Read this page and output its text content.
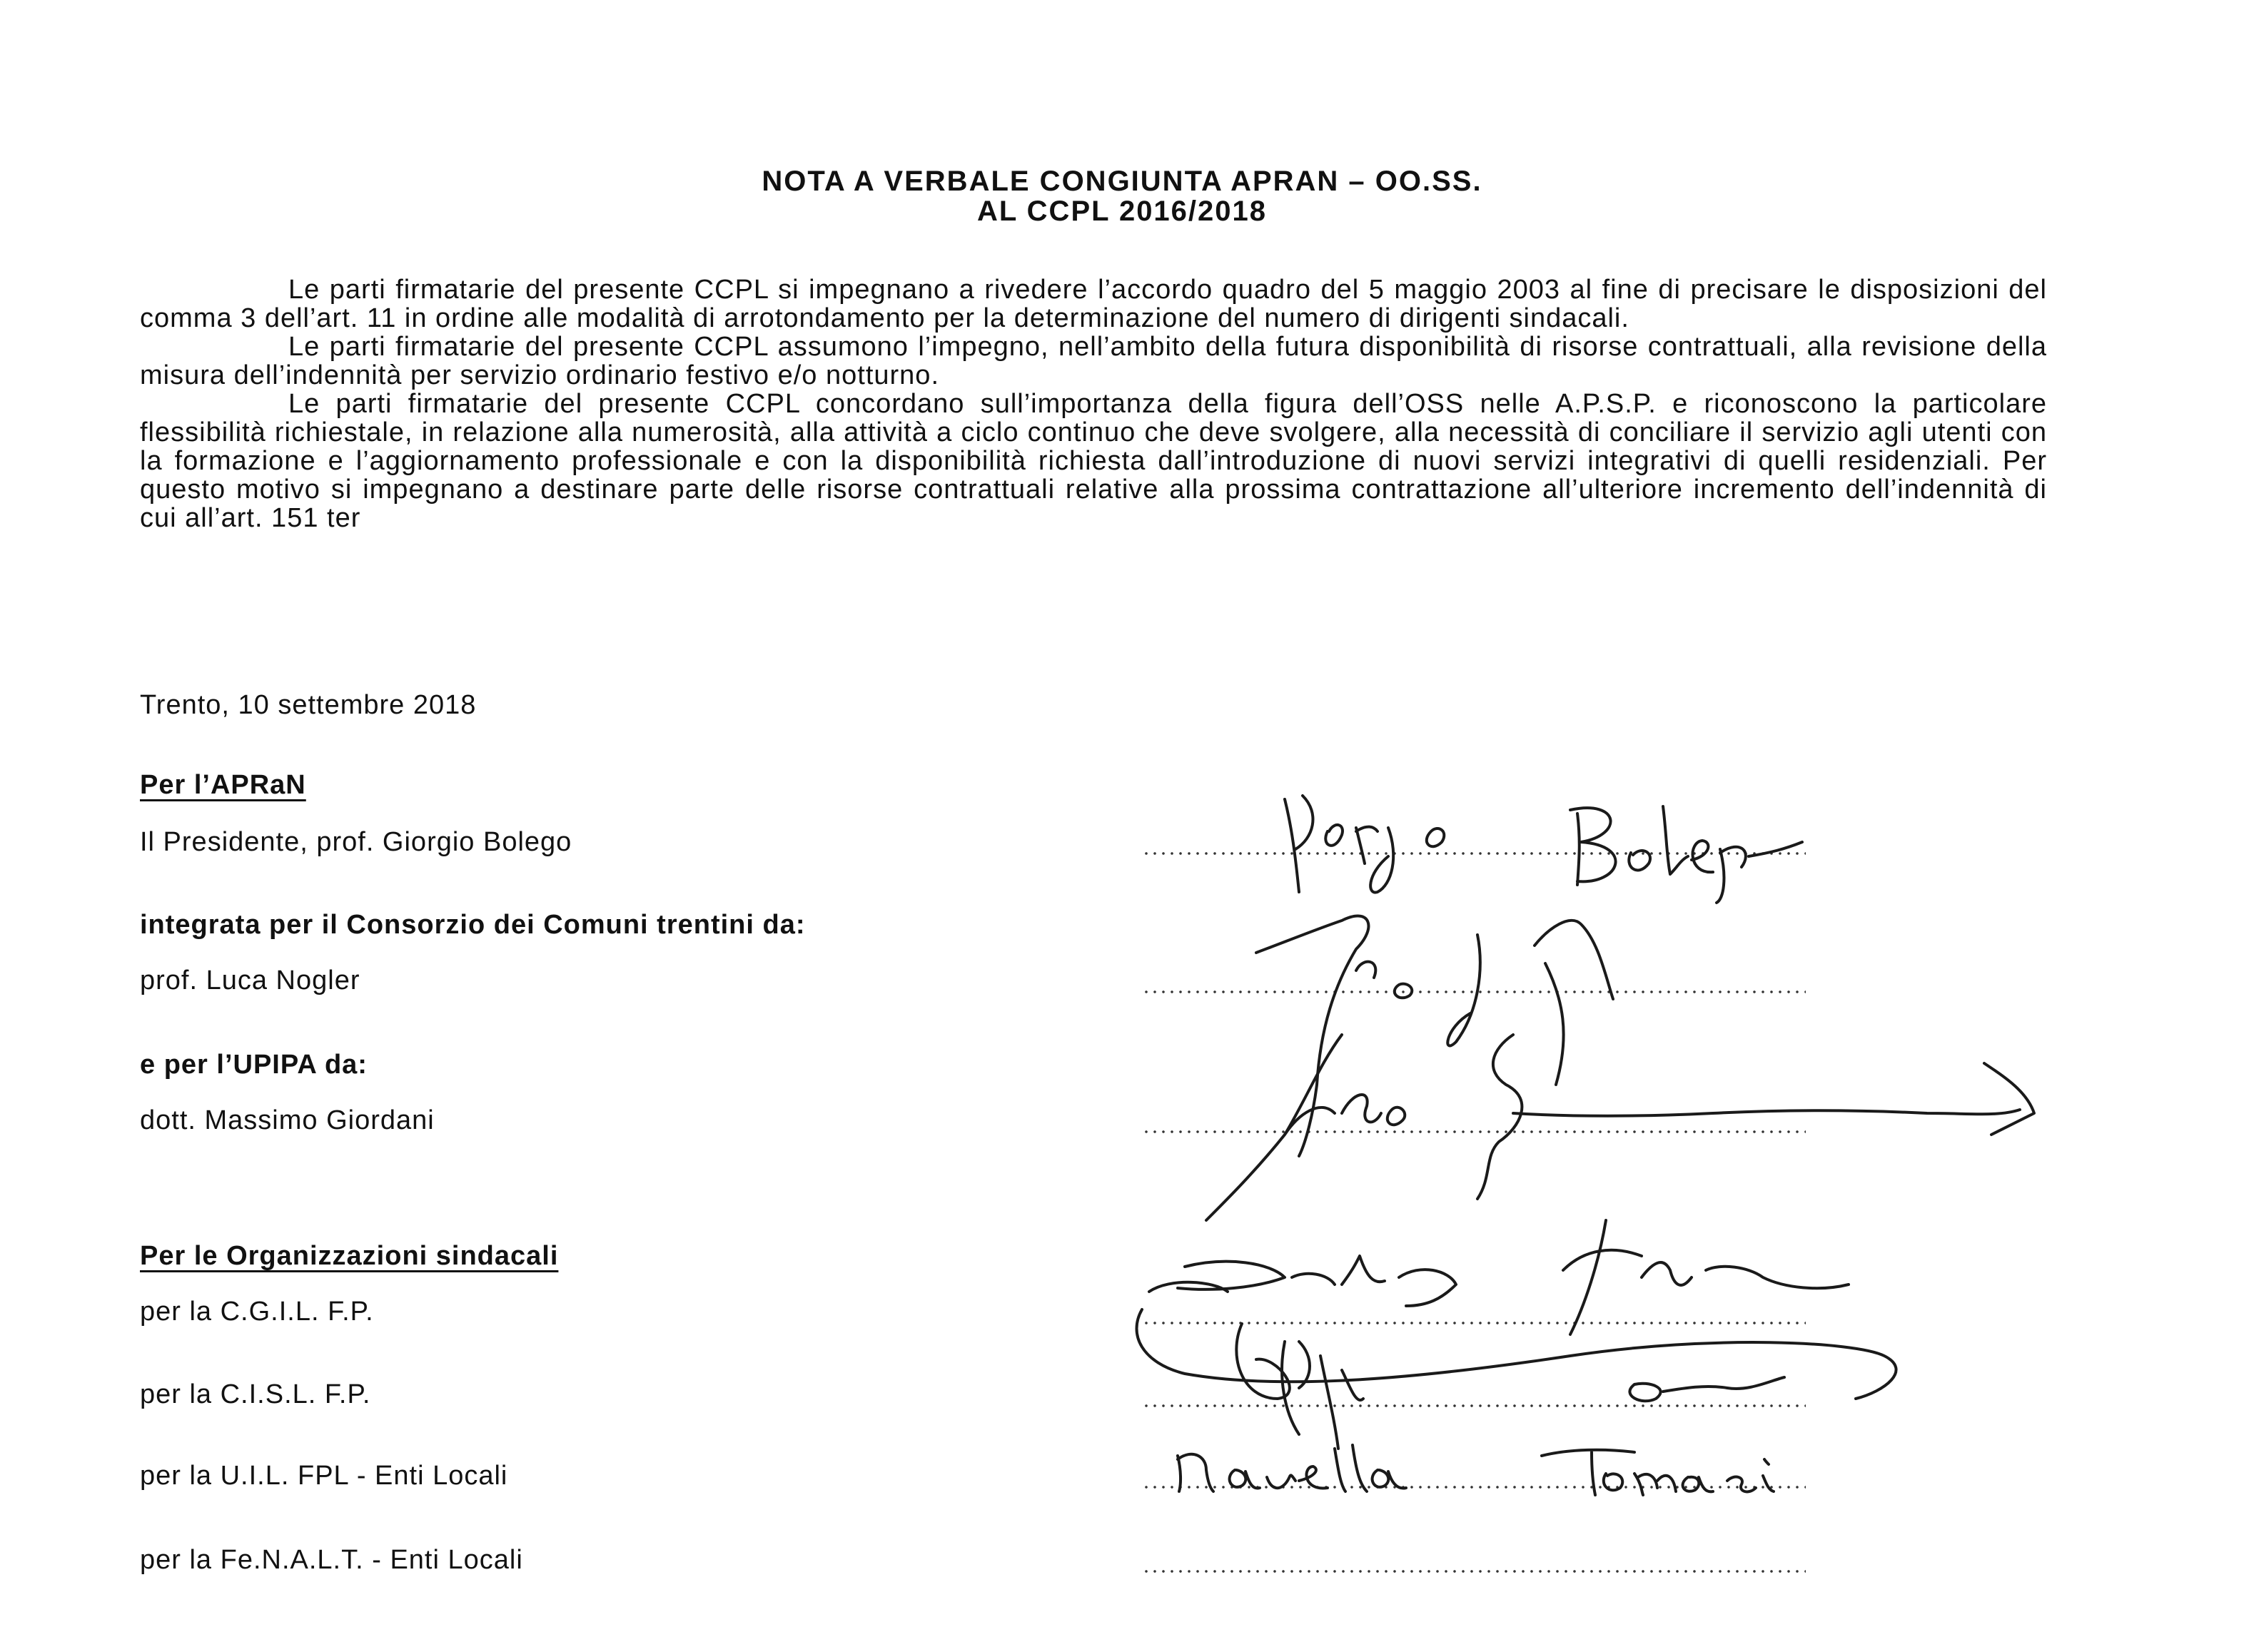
NOTA A VERBALE CONGIUNTA APRAN – OO.SS.
AL CCPL 2016/2018

Le parti firmatarie del presente CCPL si impegnano a rivedere l’accordo quadro del 5 maggio 2003 al fine di precisare le disposizioni del comma 3 dell’art. 11 in ordine alle modalità di arrotondamento per la determinazione del numero di dirigenti sindacali.

Le parti firmatarie del presente CCPL assumono l’impegno, nell’ambito della futura disponibilità di risorse contrattuali, alla revisione della misura dell’indennità per servizio ordinario festivo e/o notturno.

Le parti firmatarie del presente CCPL concordano sull’importanza della figura dell’OSS nelle A.P.S.P. e riconoscono la particolare flessibilità richiestale, in relazione alla numerosità, alla attività a ciclo continuo che deve svolgere, alla necessità di conciliare il servizio agli utenti con la formazione e l’aggiornamento professionale e con la disponibilità richiesta dall’introduzione di nuovi servizi integrativi di quelli residenziali. Per questo motivo si impegnano a destinare parte delle risorse contrattuali relative alla prossima contrattazione all’ulteriore incremento dell’indennità di cui all’art. 151 ter

Trento, 10 settembre 2018
Per l’APRaN
Il Presidente, prof. Giorgio Bolego
integrata per il Consorzio dei Comuni trentini da:
prof. Luca Nogler
e per l’UPIPA da:
dott. Massimo Giordani
Per le Organizzazioni sindacali
per la C.G.I.L. F.P.
per la C.I.S.L. F.P.
per la U.I.L. FPL - Enti Locali
per la Fe.N.A.L.T. - Enti Locali
